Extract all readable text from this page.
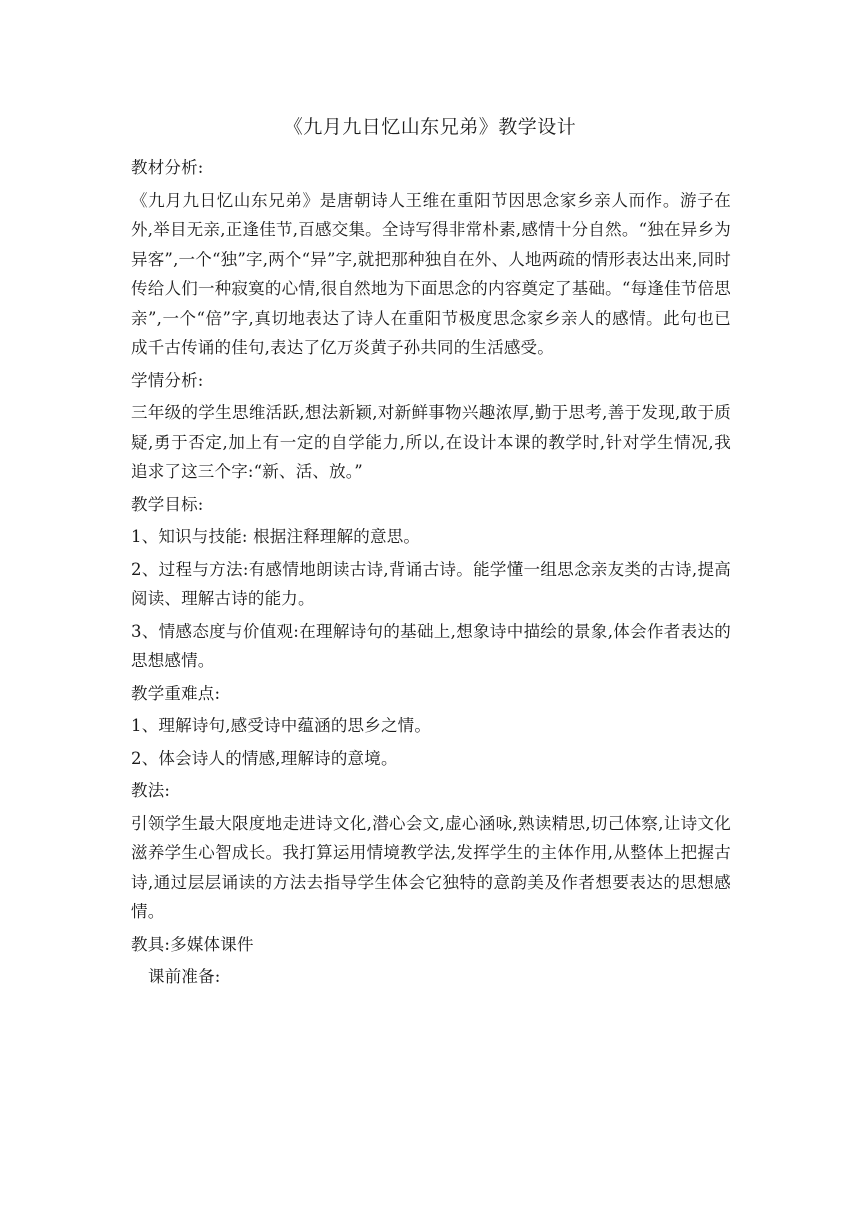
《九月九日忆山东兄弟》教学设计

教材分析:

《九月九日忆山东兄弟》是唐朝诗人王维在重阳节因思念家乡亲人而作。游子在外,举目无亲,正逢佳节,百感交集。全诗写得非常朴素,感情十分自然。“独在异乡为异客”,一个“独”字,两个“异”字,就把那种独自在外、人地两疏的情形表达出来,同时传给人们一种寂寞的心情,很自然地为下面思念的内容奠定了基础。“每逢佳节倍思亲”,一个“倍”字,真切地表达了诗人在重阳节极度思念家乡亲人的感情。此句也已成千古传诵的佳句,表达了亿万炎黄子孙共同的生活感受。

学情分析:

三年级的学生思维活跃,想法新颖,对新鲜事物兴趣浓厚,勤于思考,善于发现,敢于质疑,勇于否定,加上有一定的自学能力,所以,在设计本课的教学时,针对学生情况,我追求了这三个字:“新、活、放。”

教学目标:

1、知识与技能: 根据注释理解的意思。

2、过程与方法:有感情地朗读古诗,背诵古诗。能学懂一组思念亲友类的古诗,提高阅读、理解古诗的能力。

3、情感态度与价值观:在理解诗句的基础上,想象诗中描绘的景象,体会作者表达的思想感情。

教学重难点:

1、理解诗句,感受诗中蕴涵的思乡之情。

2、体会诗人的情感,理解诗的意境。

教法:

引领学生最大限度地走进诗文化,潜心会文,虚心涵咏,熟读精思,切己体察,让诗文化滋养学生心智成长。我打算运用情境教学法,发挥学生的主体作用,从整体上把握古诗,通过层层诵读的方法去指导学生体会它独特的意韵美及作者想要表达的思想感情。

教具:多媒体课件

课前准备:
